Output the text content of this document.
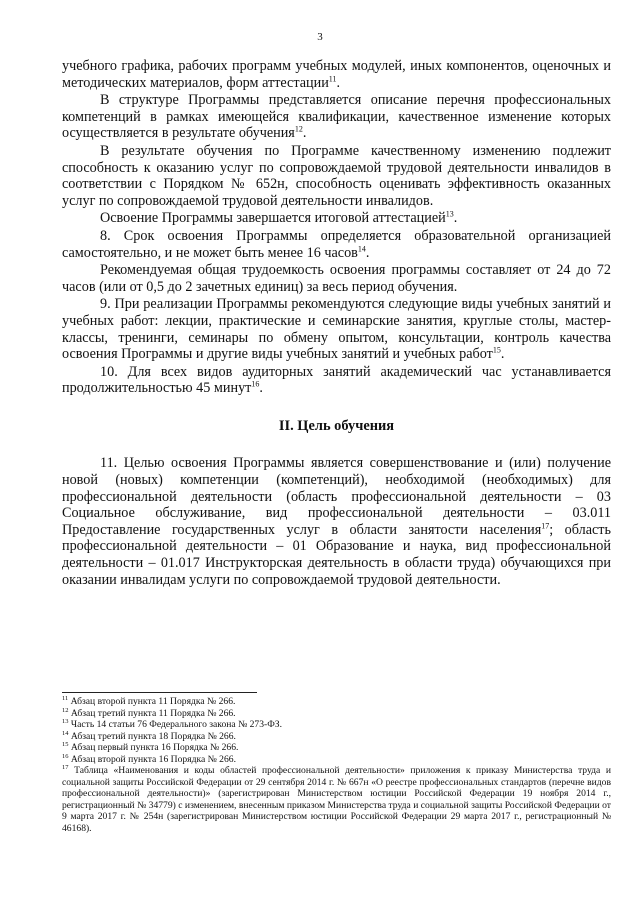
3

учебного графика, рабочих программ учебных модулей, иных компонентов, оценочных и методических материалов, форм аттестации$^{11}$.

В структуре Программы представляется описание перечня профессиональных компетенций в рамках имеющейся квалификации, качественное изменение которых осуществляется в результате обучения$^{12}$.

В результате обучения по Программе качественному изменению подлежит способность к оказанию услуг по сопровождаемой трудовой деятельности инвалидов в соответствии с Порядком № 652н, способность оценивать эффективность оказанных услуг по сопровождаемой трудовой деятельности инвалидов.

Освоение Программы завершается итоговой аттестацией$^{13}$.

8. Срок освоения Программы определяется образовательной организацией самостоятельно, и не может быть менее 16 часов$^{14}$.

Рекомендуемая общая трудоемкость освоения программы составляет от 24 до 72 часов (или от 0,5 до 2 зачетных единиц) за весь период обучения.

9. При реализации Программы рекомендуются следующие виды учебных занятий и учебных работ: лекции, практические и семинарские занятия, круглые столы, мастер-классы, тренинги, семинары по обмену опытом, консультации, контроль качества освоения Программы и другие виды учебных занятий и учебных работ$^{15}$.

10. Для всех видов аудиторных занятий академический час устанавливается продолжительностью 45 минут$^{16}$.

II. Цель обучения

11. Целью освоения Программы является совершенствование и (или) получение новой (новых) компетенции (компетенций), необходимой (необходимых) для профессиональной деятельности (область профессиональной деятельности – 03 Социальное обслуживание, вид профессиональной деятельности – 03.011 Предоставление государственных услуг в области занятости населения$^{17}$; область профессиональной деятельности – 01 Образование и наука, вид профессиональной деятельности – 01.017 Инструкторская деятельность в области труда) обучающихся при оказании инвалидам услуги по сопровождаемой трудовой деятельности.

$^{11}$ Абзац второй пункта 11 Порядка № 266.

$^{12}$ Абзац третий пункта 11 Порядка № 266.

$^{13}$ Часть 14 статьи 76 Федерального закона № 273-ФЗ.

$^{14}$ Абзац третий пункта 18 Порядка № 266.

$^{15}$ Абзац первый пункта 16 Порядка № 266.

$^{16}$ Абзац второй пункта 16 Порядка № 266.

$^{17}$ Таблица «Наименования и коды областей профессиональной деятельности» приложения к приказу Министерства труда и социальной защиты Российской Федерации от 29 сентября 2014 г. № 667н «О реестре профессиональных стандартов (перечне видов профессиональной деятельности)» (зарегистрирован Министерством юстиции Российской Федерации 19 ноября 2014 г., регистрационный № 34779) с изменением, внесенным приказом Министерства труда и социальной защиты Российской Федерации от 9 марта 2017 г. № 254н (зарегистрирован Министерством юстиции Российской Федерации 29 марта 2017 г., регистрационный № 46168).
